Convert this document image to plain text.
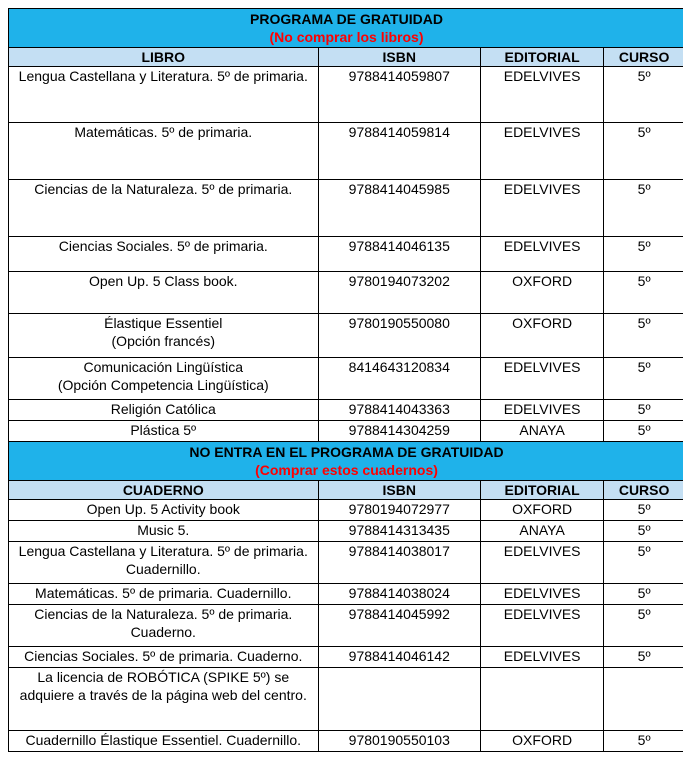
PROGRAMA DE GRATUIDAD
(No comprar los libros)			

LIBRO	ISBN	EDITORIAL	CURSO
Lengua Castellana y Literatura. 5º de primaria.	9788414059807	EDELVIVES	5º
Matemáticas. 5º de primaria.	9788414059814	EDELVIVES	5º
Ciencias de la Naturaleza. 5º de primaria.	9788414045985	EDELVIVES	5º
Ciencias Sociales. 5º de primaria.	9788414046135	EDELVIVES	5º
Open Up. 5 Class book.	9780194073202	OXFORD	5º

Élastique Essentiel
(Opción francés)	9780190550080	OXFORD	5º

Comunicación Lingüística
(Opción Competencia Lingüística)	8414643120834	EDELVIVES	5º
Religión Católica	9788414043363	EDELVIVES	5º
Plástica 5º	9788414304259	ANAYA	5º
NO ENTRA EN EL PROGRAMA DE GRATUIDAD
(Comprar estos cuadernos)			

CUADERNO	ISBN	EDITORIAL	CURSO
Open Up. 5 Activity book	9780194072977	OXFORD	5º
Music 5.	9788414313435	ANAYA	5º
Lengua Castellana y Literatura. 5º de primaria. Cuadernillo.	9788414038017	EDELVIVES	5º
Matemáticas. 5º de primaria. Cuadernillo.	9788414038024	EDELVIVES	5º
Ciencias de la Naturaleza. 5º de primaria. Cuaderno.	9788414045992	EDELVIVES	5º
Ciencias Sociales. 5º de primaria. Cuaderno.	9788414046142	EDELVIVES	5º
La licencia de ROBÓTICA (SPIKE 5º) se adquiere a través de la página web del centro.			
Cuadernillo Élastique Essentiel. Cuadernillo.	9780190550103	OXFORD	5º
